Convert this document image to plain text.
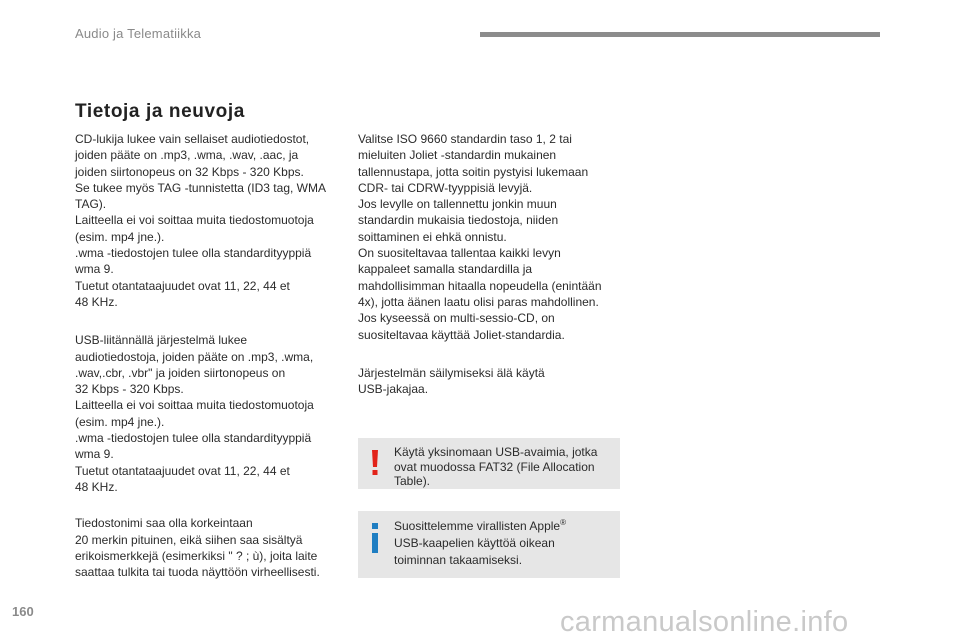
Audio ja Telematiikka
Tietoja ja neuvoja

CD-lukija lukee vain sellaiset audiotiedostot,
joiden pääte on .mp3, .wma, .wav, .aac, ja
joiden siirtonopeus on 32 Kbps - 320 Kbps.
Se tukee myös TAG -tunnistetta (ID3 tag, WMA
TAG).
Laitteella ei voi soittaa muita tiedostomuotoja
(esim. mp4 jne.).
.wma -tiedostojen tulee olla standardityyppiä
wma 9.
Tuetut otantataajuudet ovat 11, 22, 44 et
48 KHz.

USB-liitännällä järjestelmä lukee
audiotiedostoja, joiden pääte on .mp3, .wma,
.wav,.cbr, .vbr" ja joiden siirtonopeus on
32 Kbps - 320 Kbps.
Laitteella ei voi soittaa muita tiedostomuotoja
(esim. mp4 jne.).
.wma -tiedostojen tulee olla standardityyppiä
wma 9.
Tuetut otantataajuudet ovat 11, 22, 44 et
48 KHz.

Tiedostonimi saa olla korkeintaan
20 merkin pituinen, eikä siihen saa sisältyä
erikoismerkkejä (esimerkiksi " ? ; ù), joita laite
saattaa tulkita tai tuoda näyttöön virheellisesti.

Valitse ISO 9660 standardin taso 1, 2 tai
mieluiten Joliet -standardin mukainen
tallennustapa, jotta soitin pystyisi lukemaan
CDR- tai CDRW-tyyppisiä levyjä.
Jos levylle on tallennettu jonkin muun
standardin mukaisia tiedostoja, niiden
soittaminen ei ehkä onnistu.
On suositeltavaa tallentaa kaikki levyn
kappaleet samalla standardilla ja
mahdollisimman hitaalla nopeudella (enintään
4x), jotta äänen laatu olisi paras mahdollinen.
Jos kyseessä on multi-sessio-CD, on
suositeltavaa käyttää Joliet-standardia.

Järjestelmän säilymiseksi älä käytä
USB-jakajaa.

Käytä yksinomaan USB-avaimia, jotka
ovat muodossa FAT32 (File Allocation
Table).
Suosittelemme virallisten Apple®
USB-kaapelien käyttöä oikean
toiminnan takaamiseksi.
160	carmanualsonline.info
